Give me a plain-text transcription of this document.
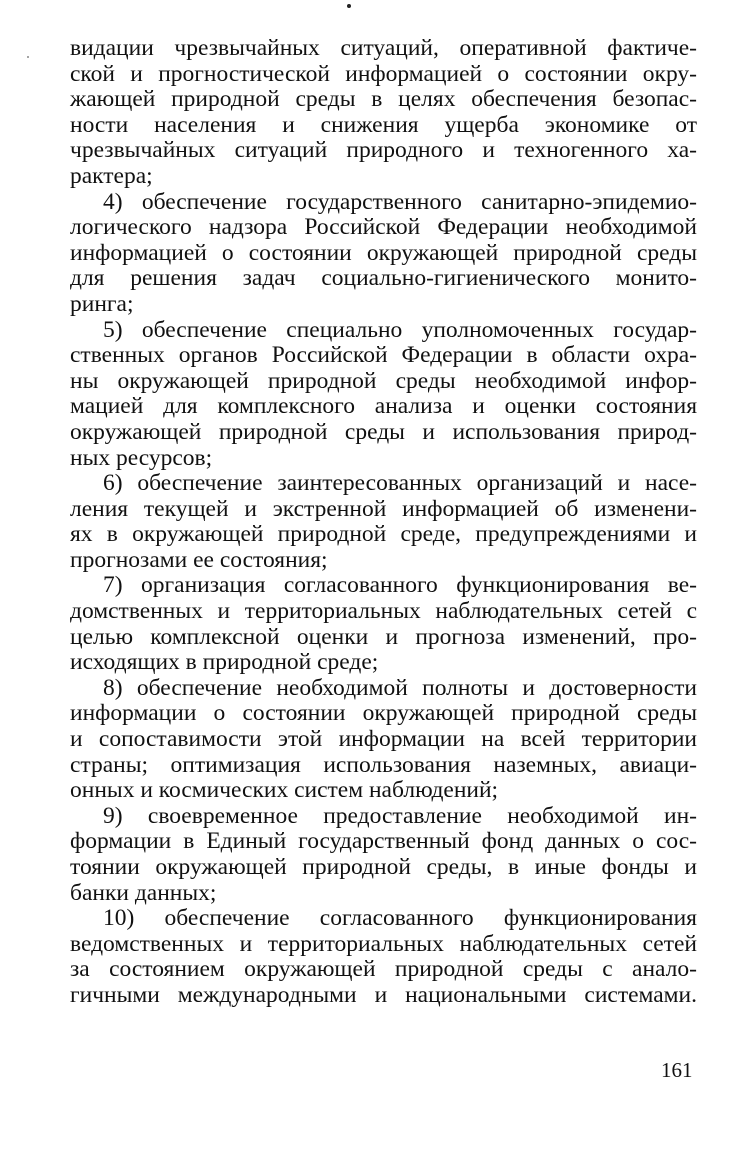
видации чрезвычайных ситуаций, оперативной фактиче-
ской и прогностической информацией о состоянии окру-
жающей природной среды в целях обеспечения безопас-
ности населения и снижения ущерба экономике от
чрезвычайных ситуаций природного и техногенного ха-
рактера;
4) обеспечение государственного санитарно-эпидемио-
логического надзора Российской Федерации необходимой
информацией о состоянии окружающей природной среды
для решения задач социально-гигиенического монито-
ринга;
5) обеспечение специально уполномоченных государ-
ственных органов Российской Федерации в области охра-
ны окружающей природной среды необходимой инфор-
мацией для комплексного анализа и оценки состояния
окружающей природной среды и использования природ-
ных ресурсов;
6) обеспечение заинтересованных организаций и насе-
ления текущей и экстренной информацией об изменени-
ях в окружающей природной среде, предупреждениями и
прогнозами ее состояния;
7) организация согласованного функционирования ве-
домственных и территориальных наблюдательных сетей с
целью комплексной оценки и прогноза изменений, про-
исходящих в природной среде;
8) обеспечение необходимой полноты и достоверности
информации о состоянии окружающей природной среды
и сопоставимости этой информации на всей территории
страны; оптимизация использования наземных, авиаци-
онных и космических систем наблюдений;
9) своевременное предоставление необходимой ин-
формации в Единый государственный фонд данных о сос-
тоянии окружающей природной среды, в иные фонды и
банки данных;
10) обеспечение согласованного функционирования
ведомственных и территориальных наблюдательных сетей
за состоянием окружающей природной среды с анало-
гичными международными и национальными системами.
161
